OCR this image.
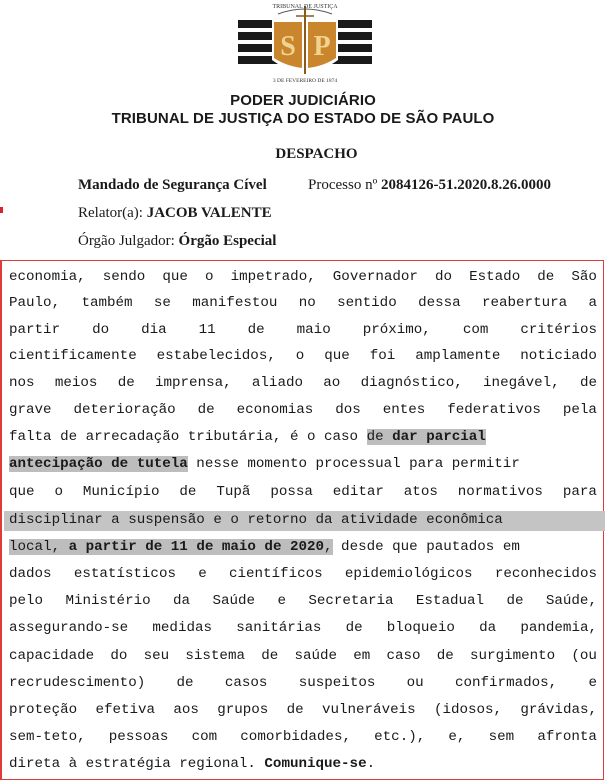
S P
TRIBUNAL DE JUSTIÇA
3 DE FEVEREIRO DE 1874
PODER JUDICIÁRIO
TRIBUNAL DE JUSTIÇA DO ESTADO DE SÃO PAULO
DESPACHO
Mandado de Segurança Cível	Processo nº 2084126-51.2020.8.26.0000
Relator(a): JACOB VALENTE
Órgão Julgador: Órgão Especial
economia, sendo que o impetrado, Governador do Estado de São
Paulo, também se manifestou no sentido dessa reabertura a
partir do dia 11 de maio próximo, com critérios
cientificamente estabelecidos, o que foi amplamente noticiado
nos meios de imprensa, aliado ao diagnóstico, inegável, de
grave deterioração de economias dos entes federativos pela
falta de arrecadação tributária, é o caso de dar parcial
antecipação de tutela nesse momento processual para permitir
que o Município de Tupã possa editar atos normativos para
disciplinar a suspensão e o retorno da atividade econômica
local, a partir de 11 de maio de 2020, desde que pautados em
dados estatísticos e científicos epidemiológicos reconhecidos
pelo Ministério da Saúde e Secretaria Estadual de Saúde,
assegurando-se medidas sanitárias de bloqueio da pandemia,
capacidade do seu sistema de saúde em caso de surgimento (ou
recrudescimento) de casos suspeitos ou confirmados, e
proteção efetiva aos grupos de vulneráveis (idosos, grávidas,
sem-teto, pessoas com comorbidades, etc.), e, sem afronta
direta à estratégia regional. Comunique-se.
